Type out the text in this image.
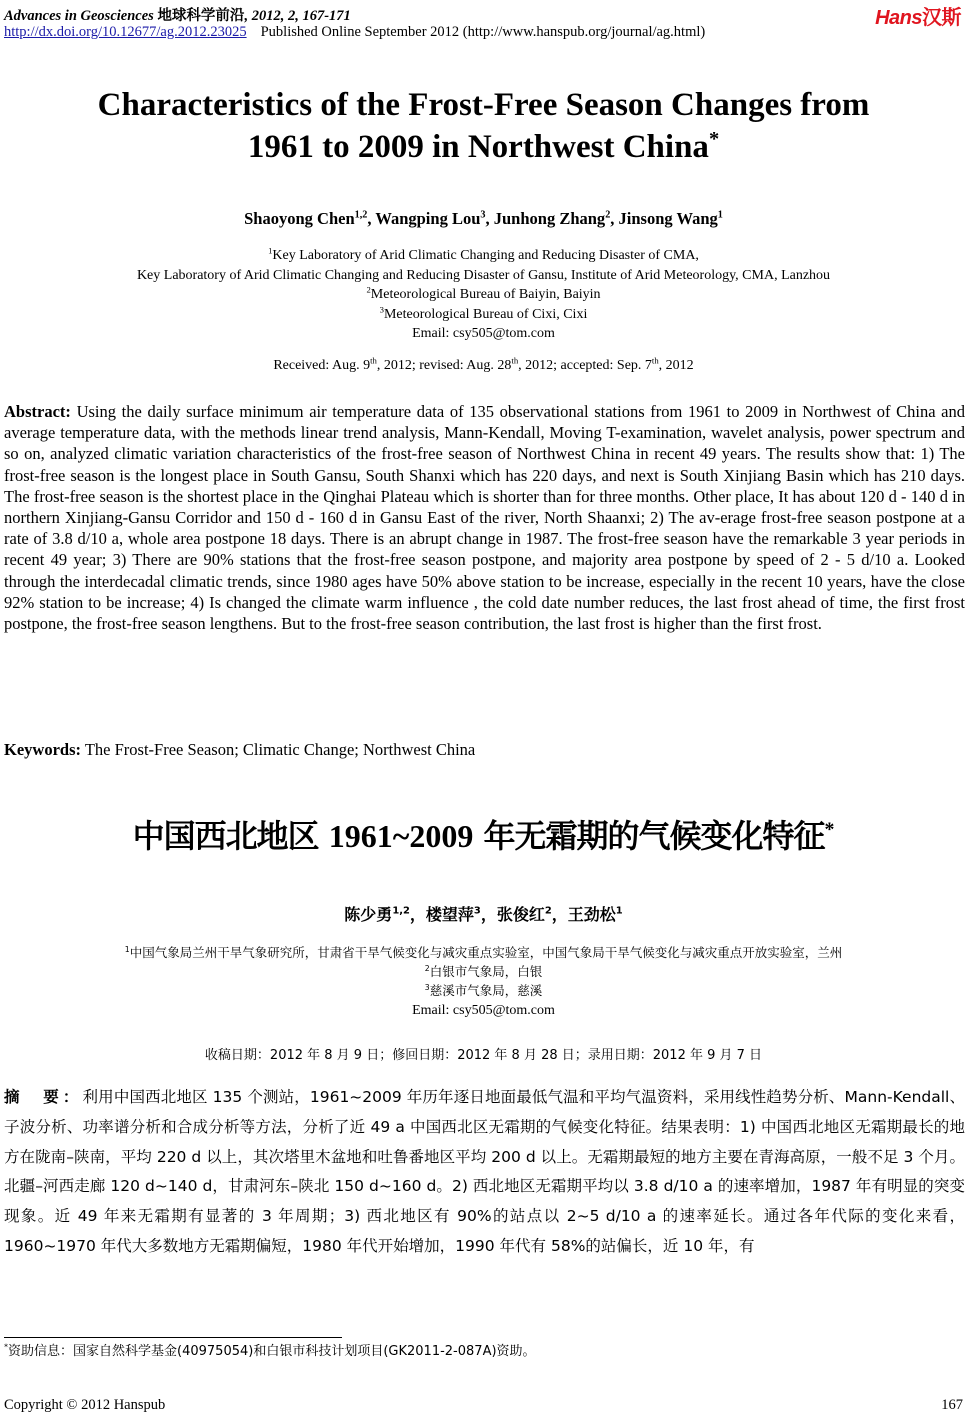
Advances in Geosciences 地球科学前沿, 2012, 2, 167-171
http://dx.doi.org/10.12677/ag.2012.23025 Published Online September 2012 (http://www.hanspub.org/journal/ag.html)
Hans汉斯
Characteristics of the Frost-Free Season Changes from
1961 to 2009 in Northwest China*
Shaoyong Chen$^{1,2}$, Wangping Lou$^3$, Junhong Zhang$^2$, Jinsong Wang$^1$
$^1$Key Laboratory of Arid Climatic Changing and Reducing Disaster of CMA,
Key Laboratory of Arid Climatic Changing and Reducing Disaster of Gansu, Institute of Arid Meteorology, CMA, Lanzhou
$^2$Meteorological Bureau of Baiyin, Baiyin
$^3$Meteorological Bureau of Cixi, Cixi
Email: csy505@tom.com
Received: Aug. 9th, 2012; revised: Aug. 28th, 2012; accepted: Sep. 7th, 2012
Abstract: Using the daily surface minimum air temperature data of 135 observational stations from 1961 to 2009 in Northwest of China and average temperature data, with the methods linear trend analysis, Mann-Kendall, Moving T-examination, wavelet analysis, power spectrum and so on, analyzed climatic variation characteristics of the frost-free season of Northwest China in recent 49 years. The results show that: 1) The frost-free season is the longest place in South Gansu, South Shanxi which has 220 days, and next is South Xinjiang Basin which has 210 days. The frost-free season is the shortest place in the Qinghai Plateau which is shorter than for three months. Other place, It has about 120 d - 140 d in northern Xinjiang-Gansu Corridor and 150 d - 160 d in Gansu East of the river, North Shaanxi; 2) The av-erage frost-free season postpone at a rate of 3.8 d/10 a, whole area postpone 18 days. There is an abrupt change in 1987. The frost-free season have the remarkable 3 year periods in recent 49 year; 3) There are 90% stations that the frost-free season postpone, and majority area postpone by speed of 2 - 5 d/10 a. Looked through the interdecadal climatic trends, since 1980 ages have 50% above station to be increase, especially in the recent 10 years, have the close 92% station to be increase; 4) Is changed the climate warm influence , the cold date number reduces, the last frost ahead of time, the first frost postpone, the frost-free season lengthens. But to the frost-free season contribution, the last frost is higher than the first frost.
Keywords: The Frost-Free Season; Climatic Change; Northwest China
中国西北地区 1961~2009 年无霜期的气候变化特征*
陈少勇$^{1,2}$，楼望萍$^3$，张俊红$^2$，王劲松$^1$
$^1$中国气象局兰州干旱气象研究所，甘肃省干旱气候变化与减灾重点实验室，中国气象局干旱气候变化与减灾重点开放实验室，兰州
$^2$白银市气象局，白银
$^3$慈溪市气象局，慈溪
Email: csy505@tom.com
收稿日期：2012 年 8 月 9 日；修回日期：2012 年 8 月 28 日；录用日期：2012 年 9 月 7 日
摘　要：利用中国西北地区 135 个测站，1961~2009 年历年逐日地面最低气温和平均气温资料，采用线性趋势分析、Mann-Kendall、子波分析、功率谱分析和合成分析等方法，分析了近 49 a 中国西北区无霜期的气候变化特征。结果表明：1) 中国西北地区无霜期最长的地方在陇南–陕南，平均 220 d 以上，其次塔里木盆地和吐鲁番地区平均 200 d 以上。无霜期最短的地方主要在青海高原，一般不足 3 个月。北疆–河西走廊 120 d~140 d，甘肃河东–陕北 150 d~160 d。2) 西北地区无霜期平均以 3.8 d/10 a 的速率增加，1987 年有明显的突变现象。近 49 年来无霜期有显著的 3 年周期；3) 西北地区有 90%的站点以 2~5 d/10 a 的速率延长。通过各年代际的变化来看，1960~1970 年代大多数地方无霜期偏短，1980 年代开始增加，1990 年代有 58%的站偏长，近 10 年，有
*资助信息：国家自然科学基金(40975054)和白银市科技计划项目(GK2011-2-087A)资助。
Copyright © 2012 Hanspub	167
